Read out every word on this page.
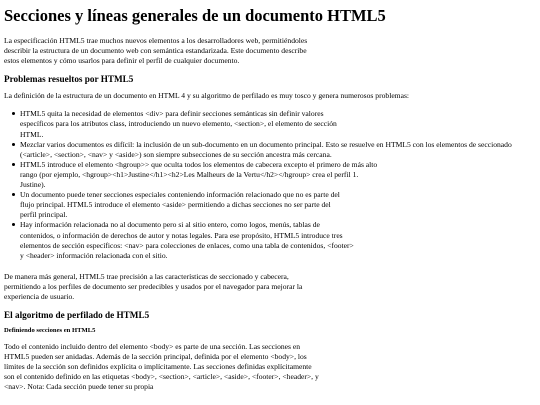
Secciones y líneas generales de un documento HTML5

La especificación HTML5 trae muchos nuevos elementos a los desarrolladores web, permitiéndoles describir la estructura de un documento web con semántica estandarizada. Este documento describe estos elementos y cómo usarlos para definir el perfil de cualquier documento.

Problemas resueltos por HTML5

La definición de la estructura de un documento en HTML 4 y su algoritmo de perfilado es muy tosco y genera numerosos problemas:

HTML5 quita la necesidad de elementos <div> para definir secciones semánticas sin definir valores específicos para los atributos class, introduciendo un nuevo elemento, <section>, el elemento de sección HTML.
Mezclar varios documentos es difícil: la inclusión de un sub-documento en un documento principal. Esto se resuelve en HTML5 con los elementos de seccionado (<article>, <section>, <nav> y <aside>) son siempre subsecciones de su sección ancestra más cercana.
HTML5 introduce el elemento <hgroup>> que oculta todos los elementos de cabecera excepto el primero de más alto rango (por ejemplo, <hgroup><h1>Justine</h1><h2>Les Malheurs de la Vertu</h2></hgroup> crea el perfil 1. Justine).
Un documento puede tener secciones especiales conteniendo información relacionado que no es parte del flujo principal. HTML5 introduce el elemento <aside> permitiendo a dichas secciones no ser parte del perfil principal.
Hay información relacionada no al documento pero si al sitio entero, como logos, menús, tablas de contenidos, o información de derechos de autor y notas legales. Para ese propósito, HTML5 introduce tres elementos de sección específicos: <nav> para colecciones de enlaces, como una tabla de contenidos, <footer> y <header> información relacionada con el sitio.

De manera más general, HTML5 trae precisión a las características de seccionado y cabecera, permitiendo a los perfiles de documento ser predecibles y usados por el navegador para mejorar la experiencia de usuario.

El algoritmo de perfilado de HTML5
Definiendo secciones en HTML5

Todo el contenido incluido dentro del elemento <body> es parte de una sección. Las secciones en HTML5 pueden ser anidadas. Además de la sección principal, definida por el elemento <body>, los límites de la sección son definidos explícita o implícitamente. Las secciones definidas explícitamente son el contenido definido en las etiquetas <body>, <section>, <article>, <aside>, <footer>, <header>, y <nav>. Nota: Cada sección puede tener su propia
